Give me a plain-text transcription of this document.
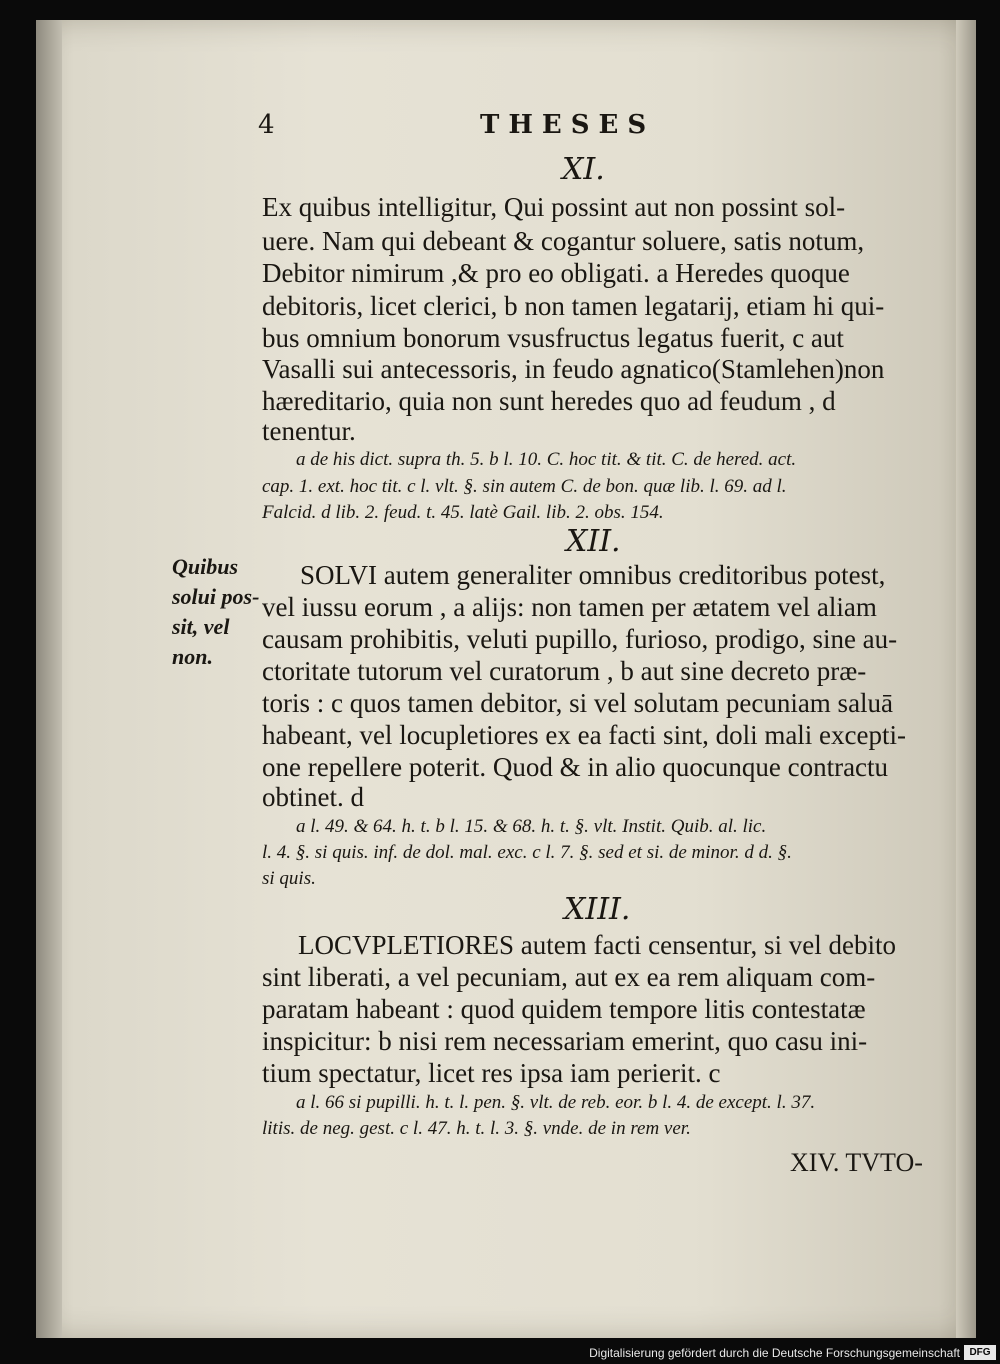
4	THESES
XI.
Ex quibus intelligitur, Qui possint aut non possint sol-
uere. Nam qui debeant & cogantur soluere, satis notum,
Debitor nimirum ,& pro eo obligati. a Heredes quoque
debitoris, licet clerici, b non tamen legatarij, etiam hi qui-
bus omnium bonorum vsusfructus legatus fuerit, c aut
Vasalli sui antecessoris, in feudo agnatico(Stamlehen)non
hæreditario, quia non sunt heredes quo ad feudum , d
tenentur.
a de his dict. supra th. 5. b l. 10. C. hoc tit. & tit. C. de hered. act.
cap. 1. ext. hoc tit. c l. vlt. §. sin autem C. de bon. quæ lib. l. 69. ad l.
Falcid. d lib. 2. feud. t. 45. latè Gail. lib. 2. obs. 154.
XII.
Quibus
solui pos-
sit, vel
non.
SOLVI autem generaliter omnibus creditoribus potest,
vel iussu eorum , a alijs: non tamen per ætatem vel aliam
causam prohibitis, veluti pupillo, furioso, prodigo, sine au-
ctoritate tutorum vel curatorum , b aut sine decreto præ-
toris : c quos tamen debitor, si vel solutam pecuniam saluā
habeant, vel locupletiores ex ea facti sint, doli mali excepti-
one repellere poterit. Quod & in alio quocunque contractu
obtinet. d
a l. 49. & 64. h. t. b l. 15. & 68. h. t. §. vlt. Instit. Quib. al. lic.
l. 4. §. si quis. inf. de dol. mal. exc. c l. 7. §. sed et si. de minor. d d. §.
si quis.
XIII.
LOCVPLETIORES autem facti censentur, si vel debito
sint liberati, a vel pecuniam, aut ex ea rem aliquam com-
paratam habeant : quod quidem tempore litis contestatæ
inspicitur: b nisi rem necessariam emerint, quo casu ini-
tium spectatur, licet res ipsa iam perierit. c
a l. 66 si pupilli. h. t. l. pen. §. vlt. de reb. eor. b l. 4. de except. l. 37.
litis. de neg. gest. c l. 47. h. t. l. 3. §. vnde. de in rem ver.
XIV. TVTO-
Digitalisierung gefördert durch die Deutsche Forschungsgemeinschaft DFG
